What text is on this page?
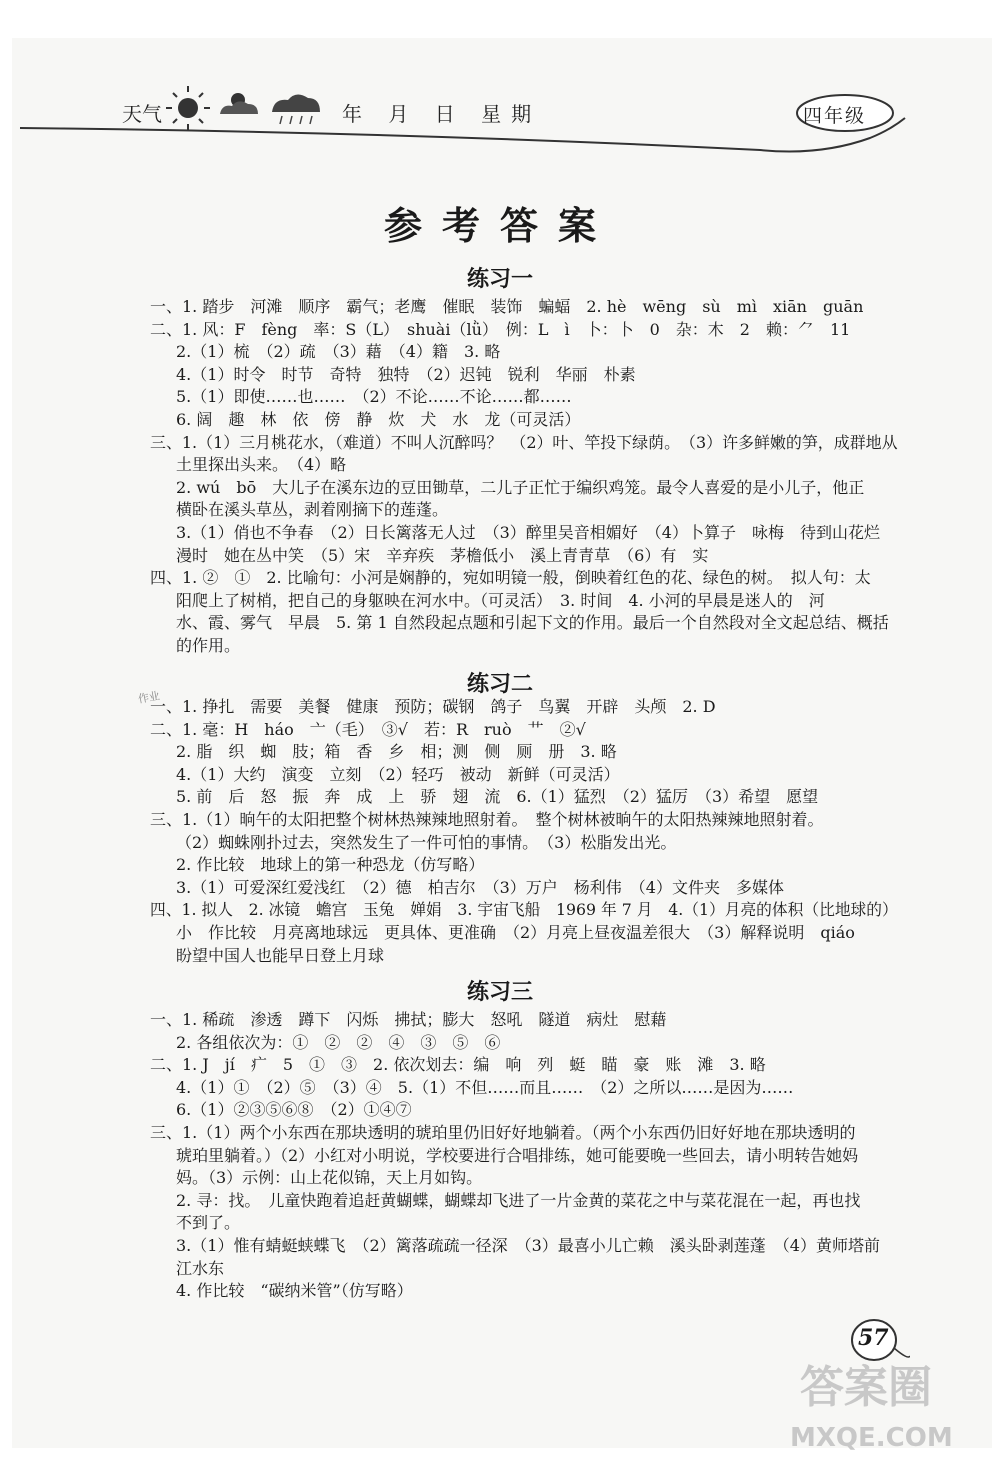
天气	年 月 日 星期	四年级
参考答案
练习一
一、1. 踏步　河滩　顺序　霸气；老鹰　催眠　装饰　蝙蝠　2. hè　wēng　sù　mì　xiān　guān
二、1. 风：F　fèng　率：S（L）　shuài（lǜ）　例：L　ì　卜：卜　0　杂：木　2　赖：⺈　11
2.（1）梳　（2）疏　（3）藉　（4）籍　3. 略
4.（1）时令　时节　奇特　独特　（2）迟钝　锐利　华丽　朴素
5.（1）即使……也……　（2）不论……不论……都……
6. 阔　趣　林　依　傍　静　炊　犬　水　龙（可灵活）
三、1.（1）三月桃花水，（难道）不叫人沉醉吗？　（2）叶、竿投下绿荫。　（3）许多鲜嫩的笋，成群地从
土里探出头来。　（4）略
2. wú　bō　大儿子在溪东边的豆田锄草，二儿子正忙于编织鸡笼。最令人喜爱的是小儿子，他正
横卧在溪头草丛，剥着刚摘下的莲蓬。
3.（1）俏也不争春　（2）日长篱落无人过　（3）醉里吴音相媚好　（4）卜算子　咏梅　待到山花烂
漫时　她在丛中笑　（5）宋　辛弃疾　茅檐低小　溪上青青草　（6）有　实
四、1. ②　①　2. 比喻句：小河是娴静的，宛如明镜一般，倒映着红色的花、绿色的树。　拟人句：太
阳爬上了树梢，把自己的身躯映在河水中。（可灵活）　3. 时间　4. 小河的早晨是迷人的　河
水、霞、雾气　早晨　5. 第 1 自然段起点题和引起下文的作用。最后一个自然段对全文起总结、概括
的作用。
练习二
一、1. 挣扎　需要　美餐　健康　预防；碳钢　鸽子　鸟翼　开辟　头颅　2. D
二、1. 毫：H　háo　亠（毛）　③√　若：R　ruò　艹　②√
2. 脂　织　蜘　肢；箱　香　乡　相；测　侧　厕　册　3. 略
4.（1）大约　演变　立刻　（2）轻巧　被动　新鲜（可灵活）
5. 前　后　怒　振　奔　成　上　骄　翅　流　6.（1）猛烈　（2）猛厉　（3）希望　愿望
三、1.（1）晌午的太阳把整个树林热辣辣地照射着。　整个树林被晌午的太阳热辣辣地照射着。
（2）蜘蛛刚扑过去，突然发生了一件可怕的事情。　（3）松脂发出光。
2. 作比较　地球上的第一种恐龙（仿写略）
3.（1）可爱深红爱浅红　（2）德　柏吉尔　（3）万户　杨利伟　（4）文件夹　多媒体
四、1. 拟人　2. 冰镜　蟾宫　玉兔　婵娟　3. 宇宙飞船　1969 年 7 月　4.（1）月亮的体积（比地球的）
小　作比较　月亮离地球远　更具体、更准确　（2）月亮上昼夜温差很大　（3）解释说明　qiáo
盼望中国人也能早日登上月球
练习三
一、1. 稀疏　渗透　蹲下　闪烁　拂拭；膨大　怒吼　隧道　病灶　慰藉
2. 各组依次为：①　②　②　④　③　⑤　⑥
二、1. J　jí　疒　5　①　③　2. 依次划去：编　响　列　蜓　瞄　豪　账　滩　3. 略
4.（1）①　（2）⑤　（3）④　5.（1）不但……而且……　（2）之所以……是因为……
6.（1）②③⑤⑥⑧　（2）①④⑦
三、1.（1）两个小东西在那块透明的琥珀里仍旧好好地躺着。（两个小东西仍旧好好地在那块透明的
琥珀里躺着。）（2）小红对小明说，学校要进行合唱排练，她可能要晚一些回去，请小明转告她妈
妈。（3）示例：山上花似锦，天上月如钩。
2. 寻：找。　儿童快跑着追赶黄蝴蝶，蝴蝶却飞进了一片金黄的菜花之中与菜花混在一起，再也找
不到了。
3.（1）惟有蜻蜓蛱蝶飞　（2）篱落疏疏一径深　（3）最喜小儿亡赖　溪头卧剥莲蓬　（4）黄师塔前
江水东
4. 作比较　“碳纳米管”（仿写略）
57
作业
答案圈
MXQE.COM
